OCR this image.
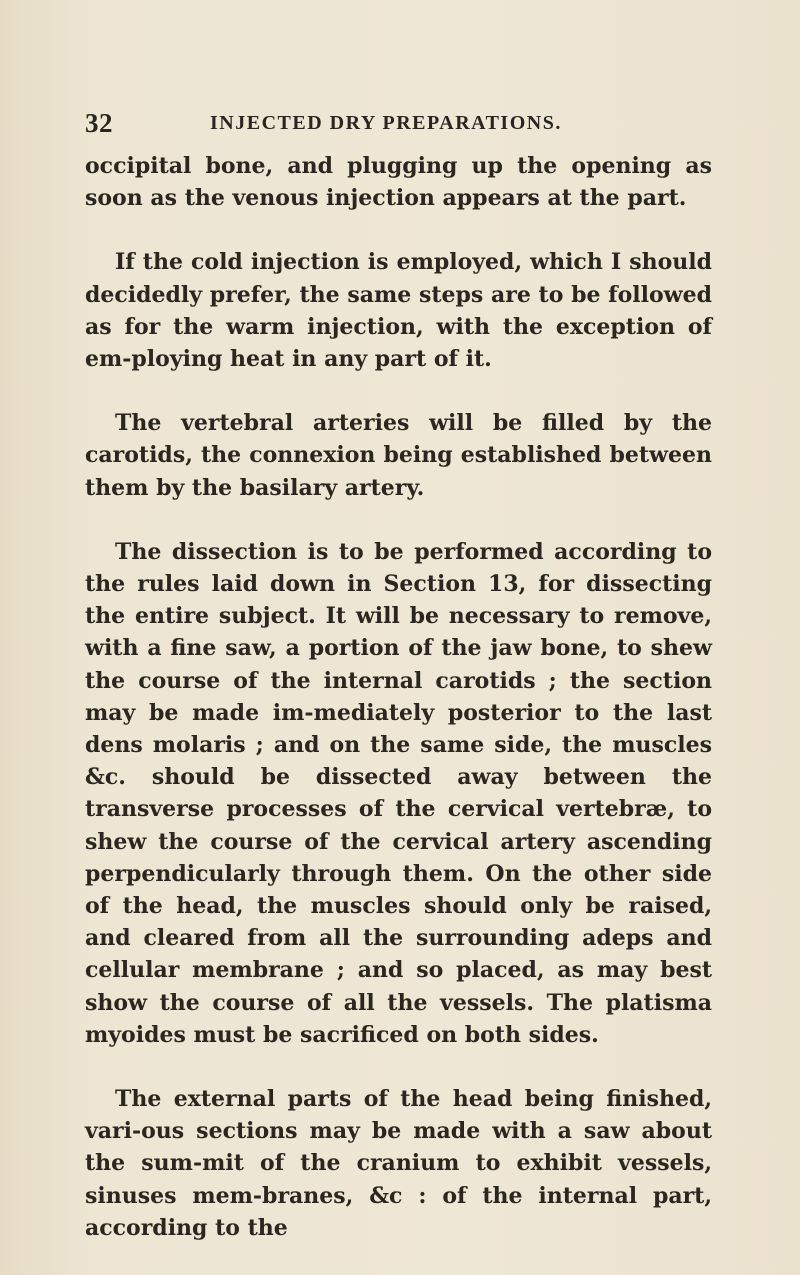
32	INJECTED DRY PREPARATIONS.

occipital bone, and plugging up the opening as soon as the venous injection appears at the part.

If the cold injection is employed, which I should decidedly prefer, the same steps are to be followed as for the warm injection, with the exception of em-ploying heat in any part of it.

The vertebral arteries will be filled by the carotids, the connexion being established between them by the basilary artery.

The dissection is to be performed according to the rules laid down in Section 13, for dissecting the entire subject. It will be necessary to remove, with a fine saw, a portion of the jaw bone, to shew the course of the internal carotids ; the section may be made im-mediately posterior to the last dens molaris ; and on the same side, the muscles &c. should be dissected away between the transverse processes of the cervical vertebræ, to shew the course of the cervical artery ascending perpendicularly through them. On the other side of the head, the muscles should only be raised, and cleared from all the surrounding adeps and cellular membrane ; and so placed, as may best show the course of all the vessels. The platisma myoides must be sacrificed on both sides.

The external parts of the head being finished, vari-ous sections may be made with a saw about the sum-mit of the cranium to exhibit vessels, sinuses mem-branes, &c : of the internal part, according to the
